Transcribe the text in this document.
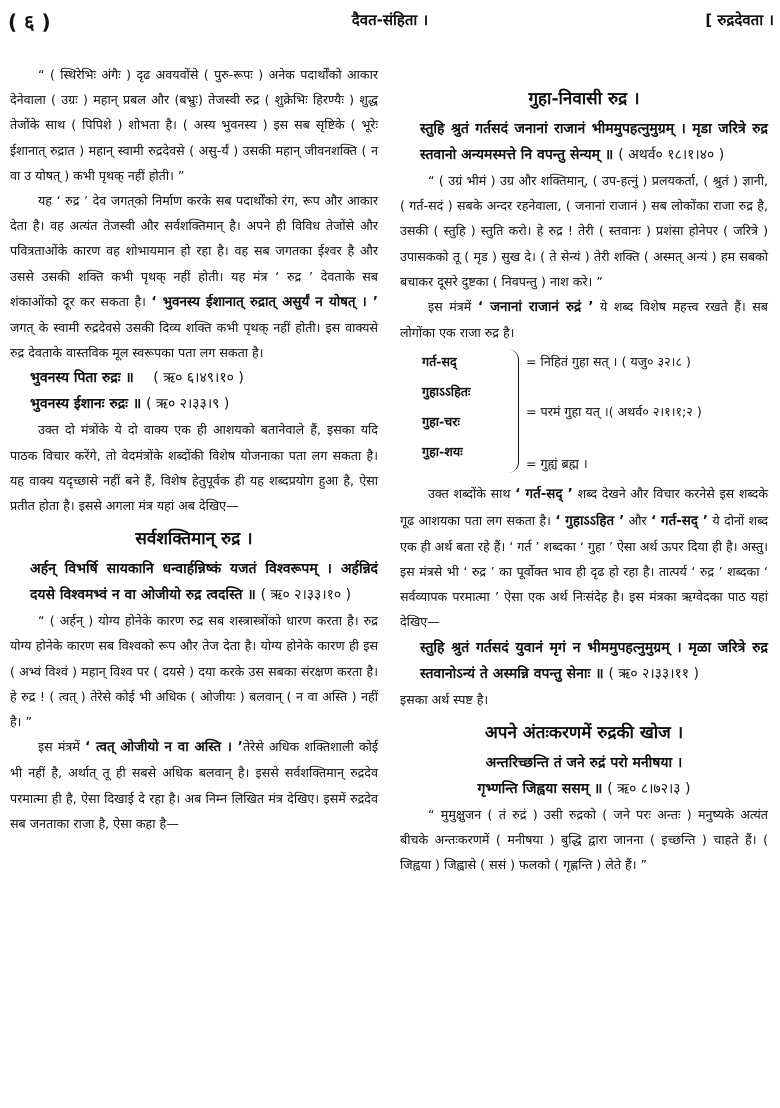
( ६ )	दैवत-संहिता ।	[ रुद्रदेवता ।

“ ( स्थिरेभिः अंगैः ) दृढ अवयवोंसे ( पुरु-रूपः ) अनेक पदार्थोंको आकार देनेवाला ( उग्रः ) महान् प्रबल और (बभ्रुः) तेजस्वी रुद्र ( शुक्रेभिः हिरण्यैः ) शुद्ध तेजोंके साथ ( पिपिशे ) शोभता है। ( अस्य भुवनस्य ) इस सब सृष्टिके ( भूरेः ईशानात् रुद्रात ) महान् स्वामी रुद्रदेवसे ( असु-र्यं ) उसकी महान् जीवनशक्ति ( न वा उ योषत् ) कभी पृथक् नहीं होती। ”

यह ‘ रुद्र ’ देव जगत्‌को निर्माण करके सब पदार्थोंको रंग, रूप और आकार देता है। वह अत्यंत तेजस्वी और सर्वशक्तिमान् है। अपने ही विविध तेजोंसे और पवित्रताओंके कारण वह शोभायमान हो रहा है। वह सब जगतका ईश्वर है और उससे उसकी शक्ति कभी पृथक् नहीं होती। यह मंत्र ‘ रुद्र ’ देवताके सब शंकाओंको दूर कर सकता है। ‘ भुवनस्य ईशानात् रुद्रात् असुर्यं न योषत् । ’ जगत् के स्वामी रुद्रदेवसे उसकी दिव्य शक्ति कभी पृथक् नहीं होती। इस वाक्यसे रुद्र देवताके वास्तविक मूल स्वरूपका पता लग सकता है।

भुवनस्य पिता रुद्रः ॥ ( ऋ० ६।४९।१० )

भुवनस्य ईशानः रुद्रः ॥ ( ऋ० २।३३।९ )

उक्त दो मंत्रोंके ये दो वाक्य एक ही आशयको बतानेवाले हैं, इसका यदि पाठक विचार करेंगे, तो वेदमंत्रोंके शब्दोंकी विशेष योजनाका पता लग सकता है। यह वाक्य यदृच्छासे नहीं बने हैं, विशेष हेतुपूर्वक ही यह शब्दप्रयोग हुआ है, ऐसा प्रतीत होता है। इससे अगला मंत्र यहां अब देखिए—

सर्वशक्तिमान् रुद्र ।

अर्हन् विभर्षि सायकानि धन्वार्हन्निष्कं यजतं विश्वरूपम् । अर्हन्निदं दयसे विश्वमभ्वं न वा ओजीयो रुद्र त्वदस्ति ॥ ( ऋ० २।३३।१० )

“ ( अर्हन् ) योग्य होनेके कारण रुद्र सब शस्त्रास्त्रोंको धारण करता है। रुद्र योग्य होनेके कारण सब विश्वको रूप और तेज देता है। योग्य होनेके कारण ही इस ( अभ्वं विश्वं ) महान् विश्व पर ( दयसे ) दया करके उस सबका संरक्षण करता है। हे रुद्र ! ( त्वत् ) तेरेसे कोई भी अधिक ( ओजीयः ) बलवान् ( न वा अस्ति ) नहीं है। ”

इस मंत्रमें ‘ त्वत् ओजीयो न वा अस्ति । ’तेरेसे अधिक शक्तिशाली कोई भी नहीं है, अर्थात् तू ही सबसे अधिक बलवान् है। इससे सर्वशक्तिमान् रुद्रदेव परमात्मा ही है, ऐसा दिखाई दे रहा है। अब निम्न लिखित मंत्र देखिए। इसमें रुद्रदेव सब जनताका राजा है, ऐसा कहा है—

गुहा-निवासी रुद्र ।

स्तुहि श्रुतं गर्तसदं जनानां राजानं भीममुपहत्नुमुग्रम् । मृडा जरित्रे रुद्र स्तवानो अन्यमस्मत्ते नि वपन्तु सेन्यम् ॥ ( अथर्व० १८।१।४० )

“ ( उग्रं भीमं ) उग्र और शक्तिमान्, ( उप-हत्नुं ) प्रलयकर्ता, ( श्रुतं ) ज्ञानी, ( गर्त-सदं ) सबके अन्दर रहनेवाला, ( जनानां राजानं ) सब लोकोंका राजा रुद्र है, उसकी ( स्तुहि ) स्तुति करो। हे रुद्र ! तेरी ( स्तवानः ) प्रशंसा होनेपर ( जरित्रे ) उपासकको तू ( मृड ) सुख दे। ( ते सेन्यं ) तेरी शक्ति ( अस्मत् अन्यं ) हम सबको बचाकर दूसरे दुष्टका ( निवपन्तु ) नाश करे। ”

इस मंत्रमें ‘ जनानां राजानं रुद्रं ’ ये शब्द विशेष महत्त्व रखते हैं। सब लोगोंका एक राजा रुद्र है।

गर्त-सद्
गुहाऽऽहितः
गुहा-चरः
गुहा-शयः
= निहितं गुहा सत् । ( यजु० ३२।८ )
= परमं गुहा यत् ।( अथर्व० २।१।१;२ )
= गुह्यं ब्रह्म ।

उक्त शब्दोंके साथ ‘ गर्त-सद् ’ शब्द देखने और विचार करनेसे इस शब्दके गूढ आशयका पता लग सकता है। ‘ गुहाऽऽहित ’ और ‘ गर्त-सद् ’ ये दोनों शब्द एक ही अर्थ बता रहे हैं। ‘ गर्त ’ शब्दका ‘ गुहा ’ ऐसा अर्थ ऊपर दिया ही है। अस्तु। इस मंत्रसे भी ‘ रुद्र ’ का पूर्वोक्त भाव ही दृढ हो रहा है। तात्पर्य ‘ रुद्र ’ शब्दका ‘ सर्वव्यापक परमात्मा ’ ऐसा एक अर्थ निःसंदेह है। इस मंत्रका ऋग्वेदका पाठ यहां देखिए—

स्तुहि श्रुतं गर्तसदं युवानं मृगं न भीममुपहत्नुमुग्रम् । मृळा जरित्रे रुद्र स्तवानोऽन्यं ते अस्मन्नि वपन्तु सेनाः ॥ ( ऋ० २।३३।११ )

इसका अर्थ स्पष्ट है।

अपने अंतःकरणमें रुद्रकी खोज ।

अन्तरिच्छन्ति तं जने रुद्रं परो मनीषया ।

गृभ्णन्ति जिह्वया ससम् ॥ ( ऋ० ८।७२।३ )

“ मुमुक्षुजन ( तं रुद्रं ) उसी रुद्रको ( जने परः अन्तः ) मनुष्यके अत्यंत बीचके अन्तःकरणमें ( मनीषया ) बुद्धि द्वारा जानना ( इच्छन्ति ) चाहते हैं। ( जिह्वया ) जिह्वासे ( ससं ) फलको ( गृह्णन्ति ) लेते हैं। ”
